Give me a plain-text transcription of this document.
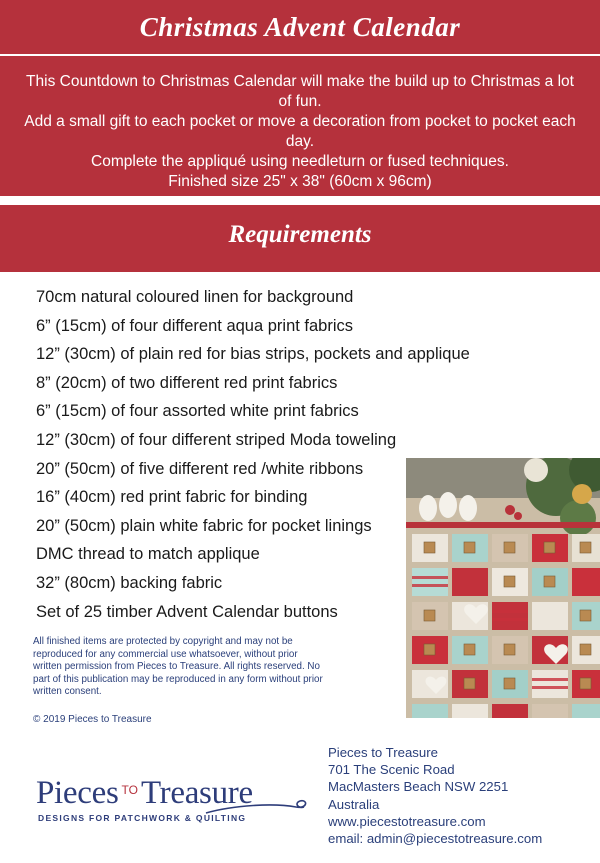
Christmas Advent Calendar
This Countdown to Christmas Calendar will make the build up to Christmas a lot of fun.
Add a small gift to each pocket or move a decoration from pocket to pocket each day.
Complete the appliqué using needleturn or fused techniques.
Finished size 25" x 38" (60cm x 96cm)
Requirements
70cm natural coloured linen for background
6” (15cm) of four different aqua print fabrics
12” (30cm) of plain red for bias strips, pockets and applique
8” (20cm) of two different red print fabrics
6” (15cm) of four assorted white print fabrics
12” (30cm) of four different striped Moda toweling
20” (50cm) of five different red /white ribbons
16” (40cm) red print fabric for binding
20” (50cm) plain white fabric for pocket linings
DMC thread to match applique
32” (80cm) backing fabric
Set of 25 timber Advent Calendar buttons
All finished items are protected by copyright and may not be reproduced for any commercial use whatsoever, without prior written permission from Pieces to Treasure. All rights reserved. No part of this publication may be reproduced in any form without prior written consent.
© 2019 Pieces to Treasure
Pieces $^{TO}$Treasure
DESIGNS FOR PATCHWORK & QUILTING
Pieces to Treasure
701 The Scenic Road
MacMasters Beach NSW 2251
Australia
www.piecestotreasure.com
email: admin@piecestotreasure.com
